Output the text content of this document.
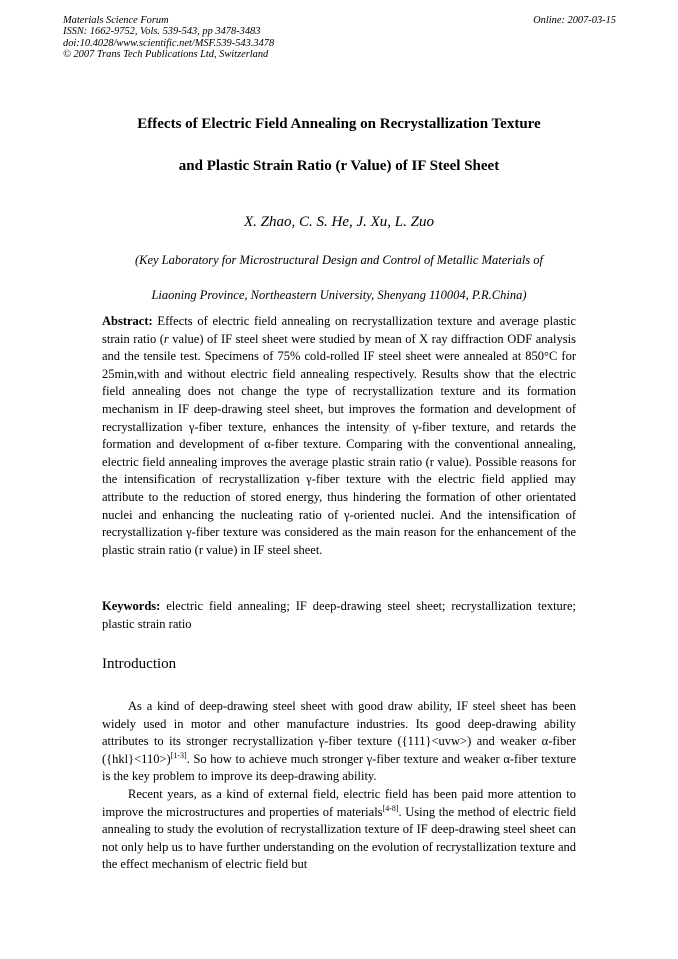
Materials Science Forum
ISSN: 1662-9752, Vols. 539-543, pp 3478-3483
doi:10.4028/www.scientific.net/MSF.539-543.3478
© 2007 Trans Tech Publications Ltd, Switzerland
Online: 2007-03-15
Effects of Electric Field Annealing on Recrystallization Texture
and Plastic Strain Ratio (r Value) of IF Steel Sheet
X. Zhao, C. S. He, J. Xu, L. Zuo
(Key Laboratory for Microstructural Design and Control of Metallic Materials of
Liaoning Province, Northeastern University, Shenyang 110004, P.R.China)

Abstract: Effects of electric field annealing on recrystallization texture and average plastic strain ratio (r value) of IF steel sheet were studied by mean of X ray diffraction ODF analysis and the tensile test. Specimens of 75% cold-rolled IF steel sheet were annealed at 850°C for 25min,with and without electric field annealing respectively. Results show that the electric field annealing does not change the type of recrystallization texture and its formation mechanism in IF deep-drawing steel sheet, but improves the formation and development of recrystallization γ-fiber texture, enhances the intensity of γ-fiber texture, and retards the formation and development of α-fiber texture. Comparing with the conventional annealing, electric field annealing improves the average plastic strain ratio (r value). Possible reasons for the intensification of recrystallization γ-fiber texture with the electric field applied may attribute to the reduction of stored energy, thus hindering the formation of other orientated nuclei and enhancing the nucleating ratio of γ-oriented nuclei. And the intensification of recrystallization γ-fiber texture was considered as the main reason for the enhancement of the plastic strain ratio (r value) in IF steel sheet.

Keywords: electric field annealing; IF deep-drawing steel sheet; recrystallization texture; plastic strain ratio

Introduction

As a kind of deep-drawing steel sheet with good draw ability, IF steel sheet has been widely used in motor and other manufacture industries. Its good deep-drawing ability attributes to its stronger recrystallization γ-fiber texture ({111}<uvw>) and weaker α-fiber ({hkl}<110>)[1-3]. So how to achieve much stronger γ-fiber texture and weaker α-fiber texture is the key problem to improve its deep-drawing ability.

Recent years, as a kind of external field, electric field has been paid more attention to improve the microstructures and properties of materials[4-8]. Using the method of electric field annealing to study the evolution of recrystallization texture of IF deep-drawing steel sheet can not only help us to have further understanding on the evolution of recrystallization texture and the effect mechanism of electric field but
